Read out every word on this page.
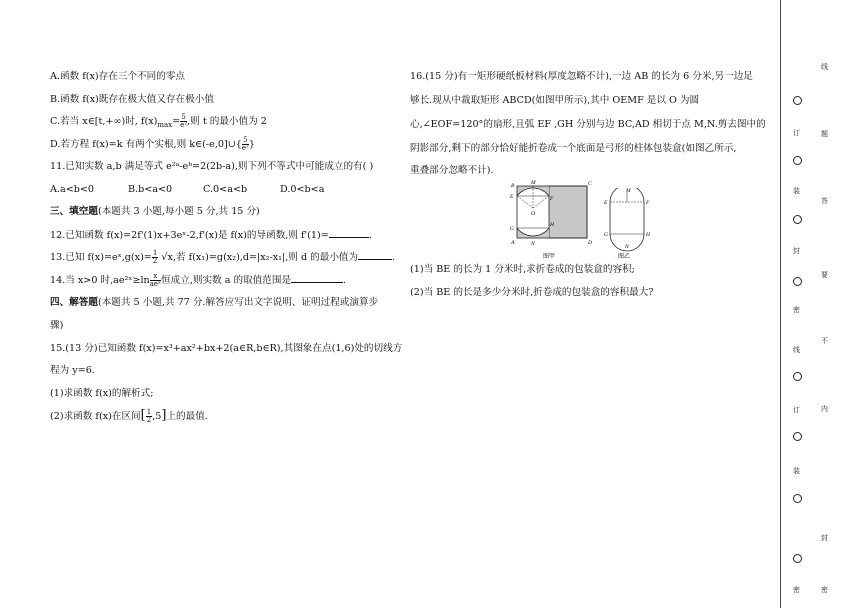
A.函数 f(x)存在三个不同的零点
B.函数 f(x)既存在极大值又存在极小值
C.若当 x∈[t,+∞)时, $f(x)_{max}= \frac{5}{\text{e²}}$ ,则 t 的最小值为 2
D.若方程 f(x)=k 有两个实根,则 k∈(-e,0]∪{ $\frac{5}{\text{e²}}$ }
11.已知实数 a,b 满足等式 e²ᵃ-eᵇ=2(2b-a),则下列不等式中可能成立的有( )
A.a<b<0	B.b<a<0	C.0<a<b	D.0<b<a
三、填空题(本题共 3 小题,每小题 5 分,共 15 分)
12.已知函数 f(x)=2f'(1)x+3eˣ-2,f'(x)是 f(x)的导函数,则 f'(1)=	.
13.已知 f(x)=eˣ,g(x)= $\frac{1}{2} √x$,若 f(x₁)=g(x₂),d=|x₂-x₁|,则 d 的最小值为	.
14.当 x>0 时,ae²ˣ≥ln $\frac{x}{\text{aeˣ}}$ 恒成立,则实数 a 的取值范围是	.
四、解答题(本题共 5 小题,共 77 分.解答应写出文字说明、证明过程或演算步
骤)
15.(13 分)已知函数 f(x)=x³+ax²+bx+2(a∈R,b∈R),其图象在点(1,6)处的切线方
程为 y=6.
(1)求函数 f(x)的解析式;
(2)求函数 f(x)在区间[ $\frac{1}{2} ,5$]上的最值.
16.(15 分)有一矩形硬纸板材料(厚度忽略不计),一边 AB 的长为 6 分米,另一边足
够长.现从中裁取矩形 ABCD(如图甲所示),其中 OEMF 是以 O 为圆
心,∠EOF=120°的扇形,且弧 EF ,GH 分别与边 BC,AD 相切于点 M,N.剪去图中的
阴影部分,剩下的部分恰好能折卷成一个底面是弓形的柱体包装盒(如图乙所示,
重叠部分忽略不计).
B	M	C
E	F
O
G
H
A	N	D
图甲
M
E	F
G	H
N
图乙
(1)当 BE 的长为 1 分米时,求折卷成的包装盒的容积;
(2)当 BE 的长是多少分米时,折卷成的包装盒的容积最大?
线
题
订
答
装
要
封
不
密
内
线
订
封
装
密	密
